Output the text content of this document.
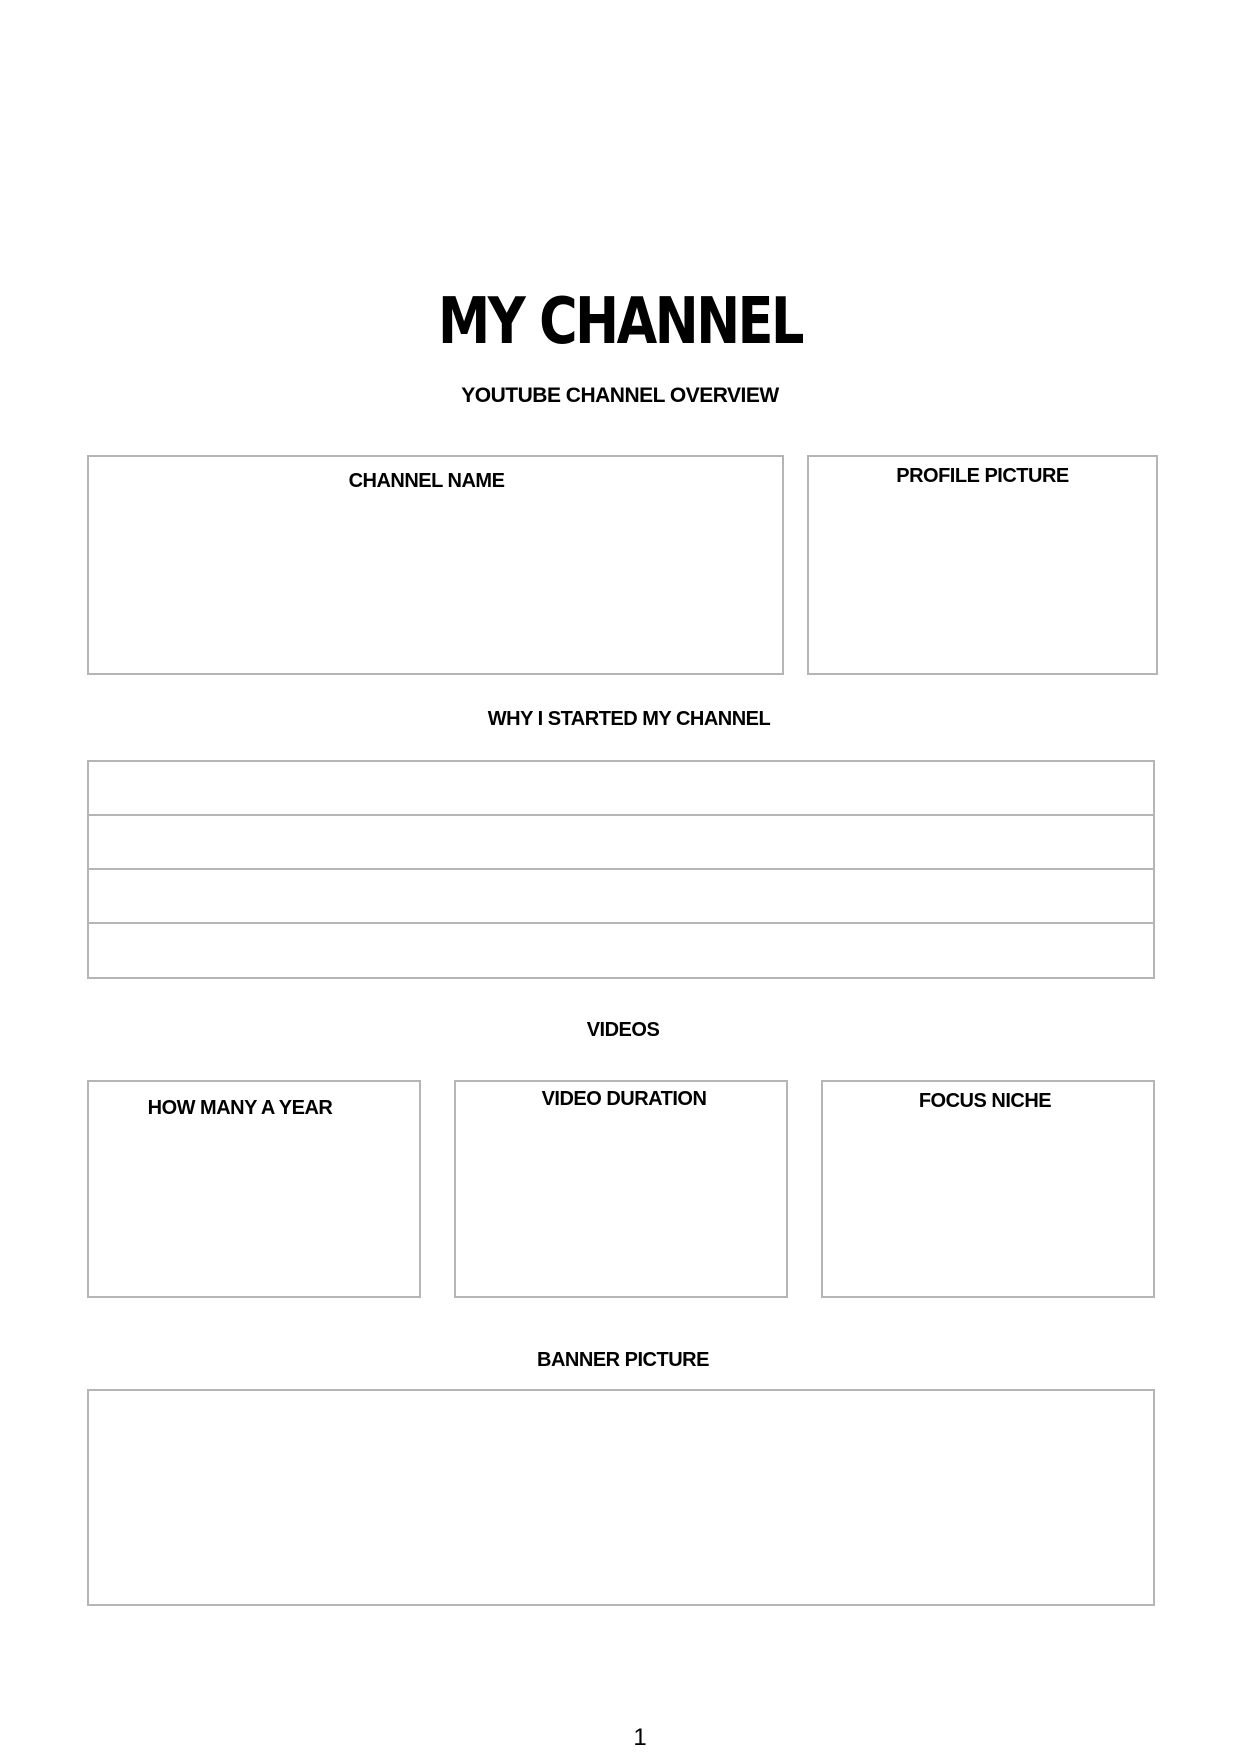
MY CHANNEL
YOUTUBE CHANNEL OVERVIEW
CHANNEL NAME	PROFILE PICTURE
WHY I STARTED MY CHANNEL
VIDEOS
HOW MANY A YEAR	VIDEO DURATION	FOCUS NICHE
BANNER PICTURE
1
